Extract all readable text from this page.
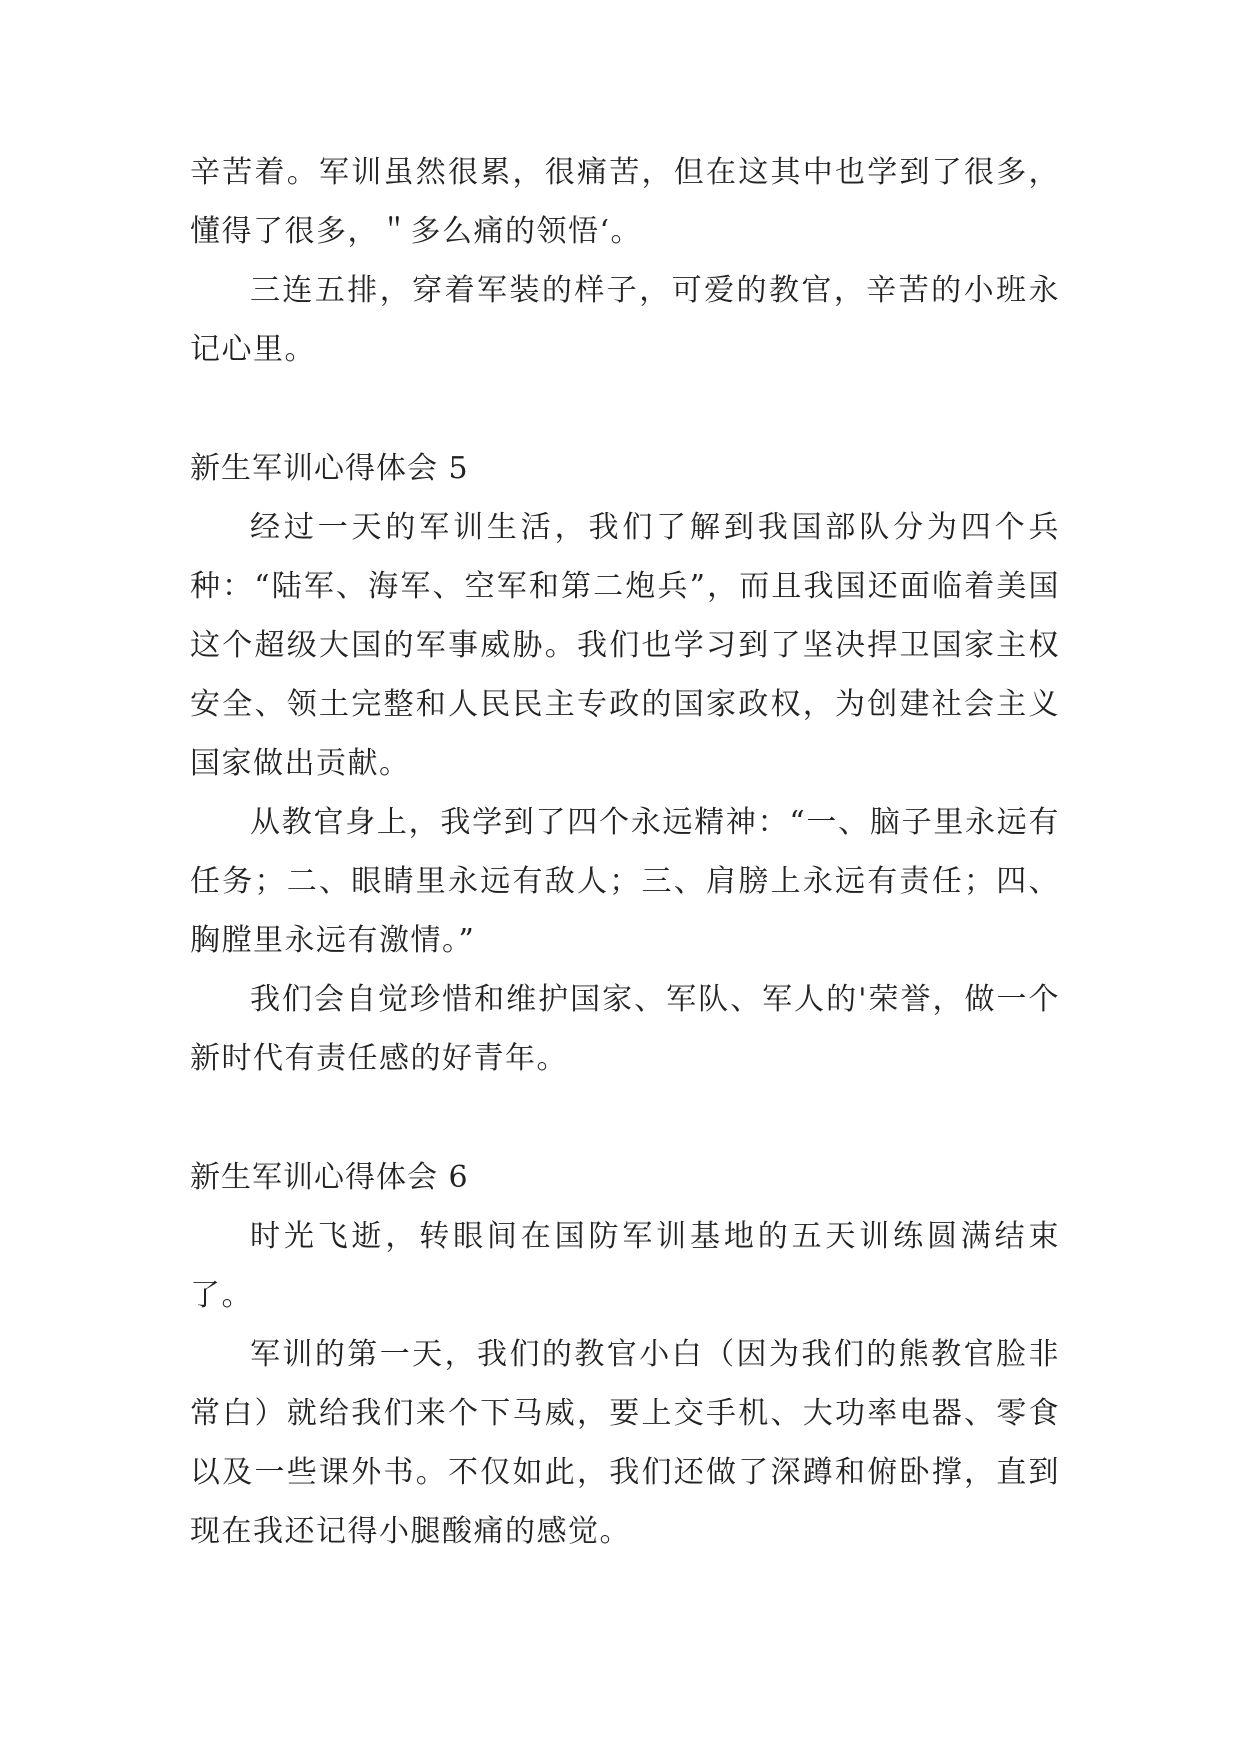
辛苦着。军训虽然很累，很痛苦，但在这其中也学到了很多，懂得了很多，＂多么痛的领悟‘。

三连五排，穿着军装的样子，可爱的教官，辛苦的小班永记心里。

新生军训心得体会 5

经过一天的军训生活，我们了解到我国部队分为四个兵种：“陆军、海军、空军和第二炮兵”，而且我国还面临着美国这个超级大国的军事威胁。我们也学习到了坚决捍卫国家主权安全、领土完整和人民民主专政的国家政权，为创建社会主义国家做出贡献。

从教官身上，我学到了四个永远精神：“一、脑子里永远有任务；二、眼睛里永远有敌人；三、肩膀上永远有责任；四、胸膛里永远有激情。”

我们会自觉珍惜和维护国家、军队、军人的'荣誉，做一个新时代有责任感的好青年。

新生军训心得体会 6

时光飞逝，转眼间在国防军训基地的五天训练圆满结束了。

军训的第一天，我们的教官小白（因为我们的熊教官脸非常白）就给我们来个下马威，要上交手机、大功率电器、零食以及一些课外书。不仅如此，我们还做了深蹲和俯卧撑，直到现在我还记得小腿酸痛的感觉。
